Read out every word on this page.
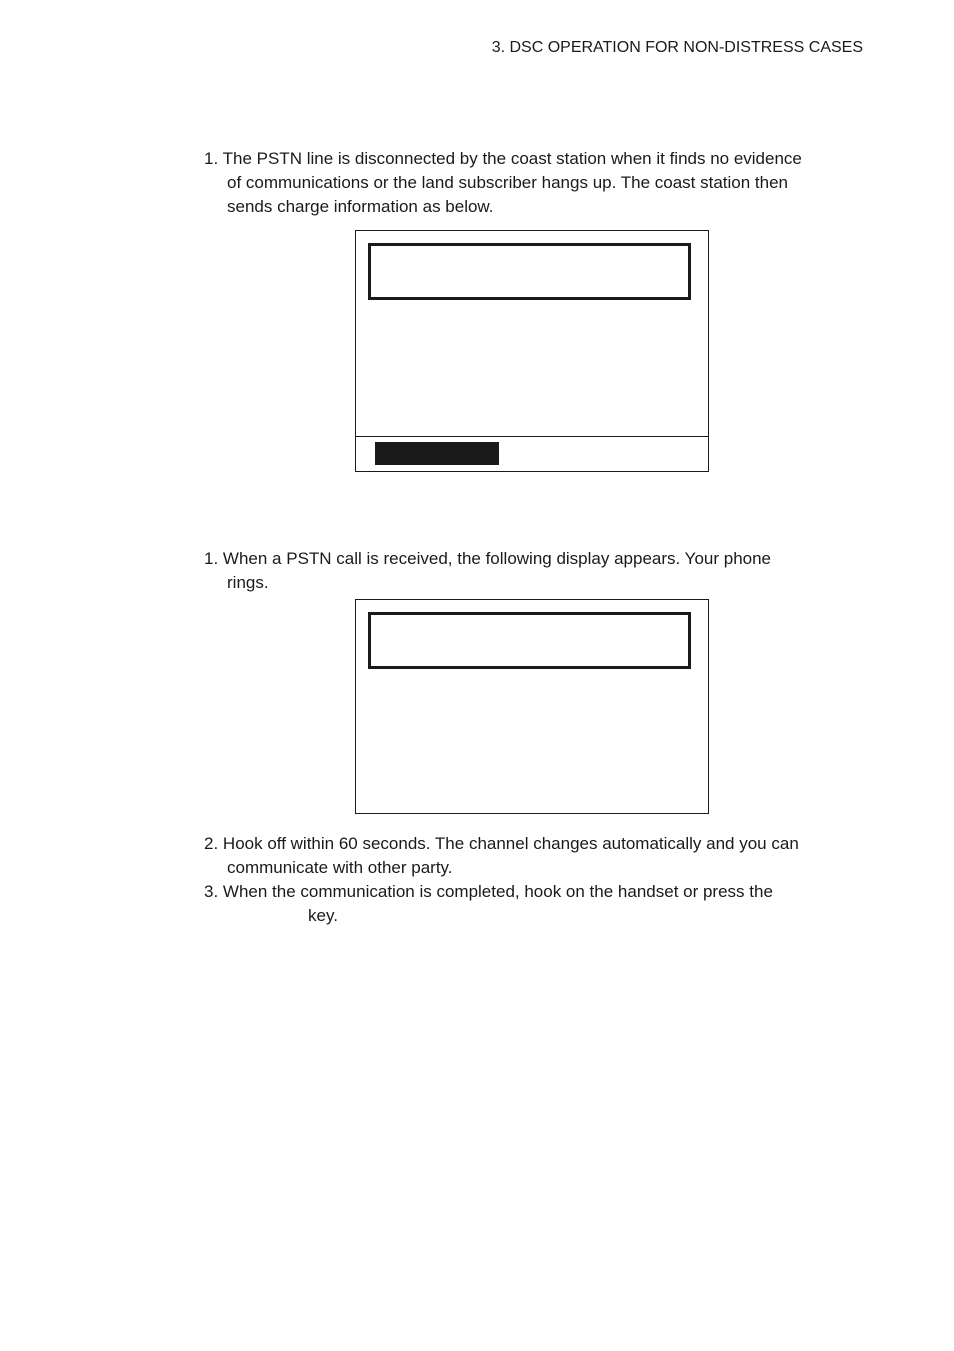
3. DSC OPERATION FOR NON-DISTRESS CASES
1. The PSTN line is disconnected by the coast station when it finds no evidence
of communications or the land subscriber hangs up. The coast station then
sends charge information as below.
1. When a PSTN call is received, the following display appears. Your phone
rings.
2. Hook off within 60 seconds. The channel changes automatically and you can
communicate with other party.
3. When the communication is completed, hook on the handset or press the
key.
